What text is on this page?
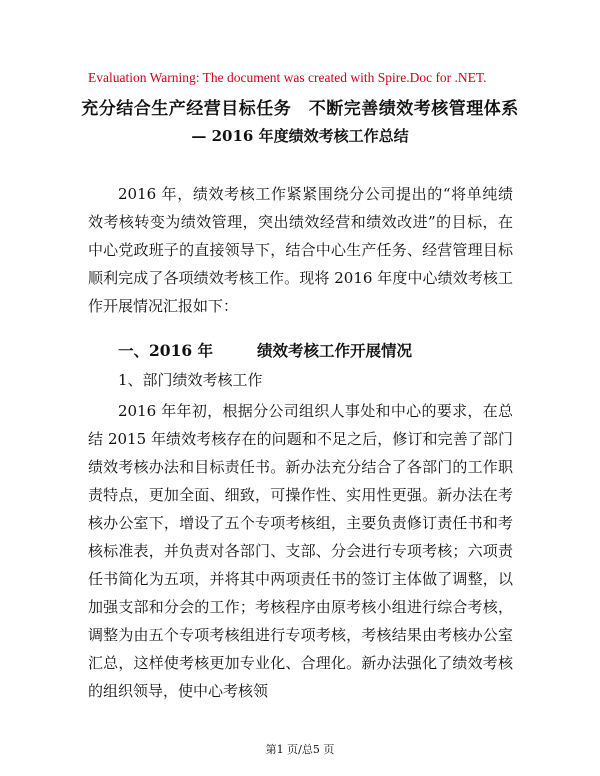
Evaluation Warning: The document was created with Spire.Doc for .NET.
充分结合生产经营目标任务　不断完善绩效考核管理体系
— 2016 年度绩效考核工作总结
2016 年，绩效考核工作紧紧围绕分公司提出的“将单纯绩效考核转变为绩效管理，突出绩效经营和绩效改进”的目标，在中心党政班子的直接领导下，结合中心生产任务、经营管理目标顺利完成了各项绩效考核工作。现将 2016 年度中心绩效考核工作开展情况汇报如下：
一、2016 年	绩效考核工作开展情况
1、部门绩效考核工作
2016 年年初，根据分公司组织人事处和中心的要求，在总结 2015 年绩效考核存在的问题和不足之后，修订和完善了部门绩效考核办法和目标责任书。新办法充分结合了各部门的工作职责特点，更加全面、细致，可操作性、实用性更强。新办法在考核办公室下，增设了五个专项考核组，主要负责修订责任书和考核标准表，并负责对各部门、支部、分会进行专项考核；六项责任书简化为五项，并将其中两项责任书的签订主体做了调整，以加强支部和分会的工作；考核程序由原考核小组进行综合考核，调整为由五个专项考核组进行专项考核，考核结果由考核办公室汇总，这样使考核更加专业化、合理化。新办法强化了绩效考核的组织领导，使中心考核领
第1 页/总5 页
